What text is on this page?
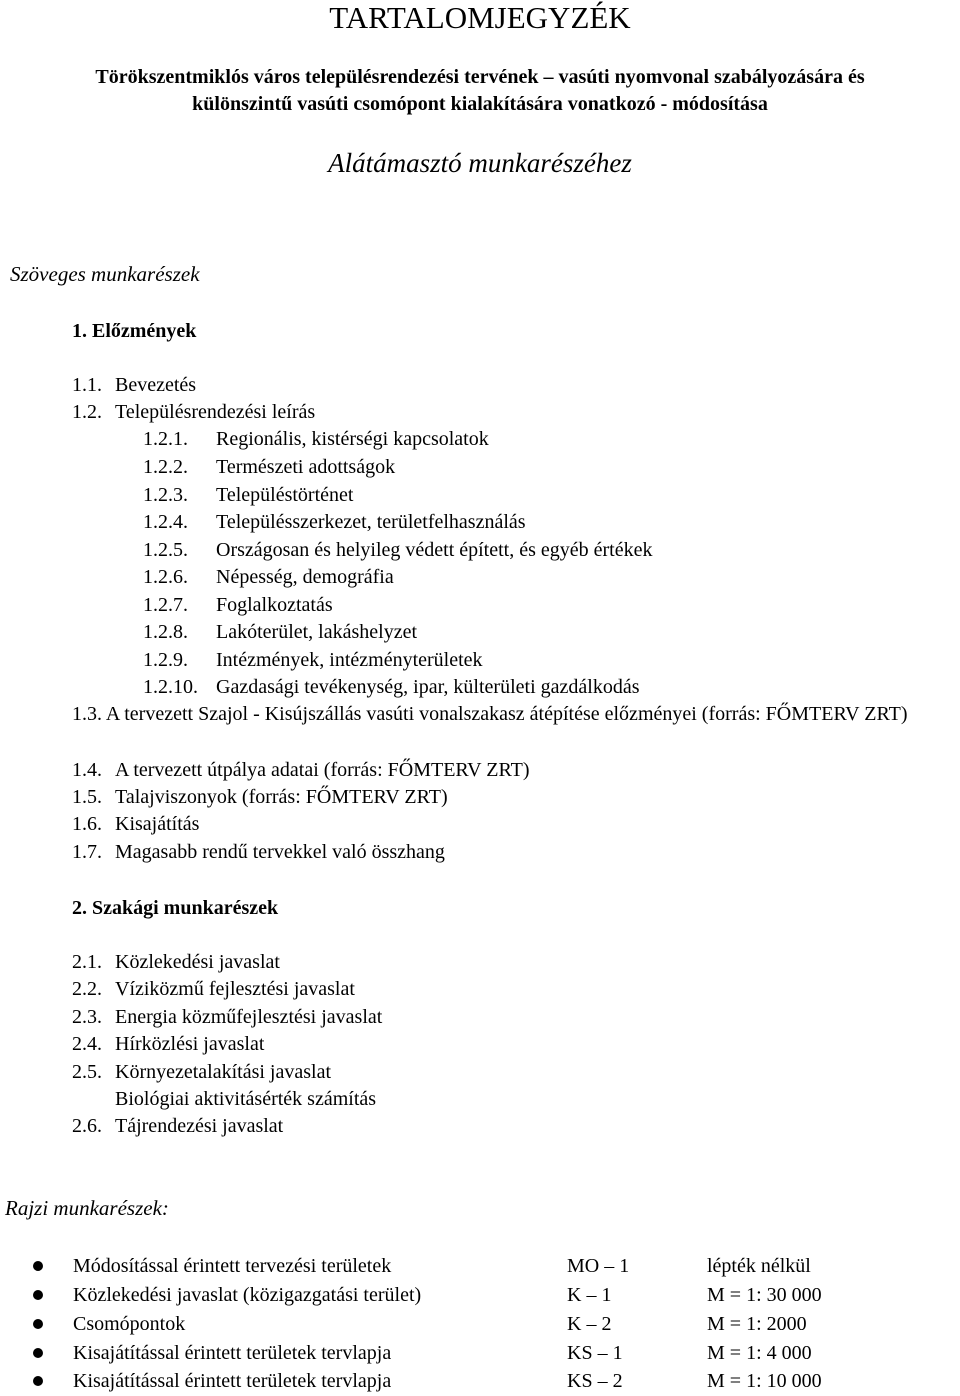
TARTALOMJEGYZÉK
Törökszentmiklós város településrendezési tervének – vasúti nyomvonal szabályozására és
különszintű vasúti csomópont kialakítására vonatkozó - módosítása
Alátámasztó munkarészéhez
Szöveges munkarészek
1. Előzmények
1.1. Bevezetés
1.2. Településrendezési leírás
1.2.1. Regionális, kistérségi kapcsolatok
1.2.2. Természeti adottságok
1.2.3. Településtörténet
1.2.4. Településszerkezet, területfelhasználás
1.2.5. Országosan és helyileg védett épített, és egyéb értékek
1.2.6. Népesség, demográfia
1.2.7. Foglalkoztatás
1.2.8. Lakóterület, lakáshelyzet
1.2.9. Intézmények, intézményterületek
1.2.10. Gazdasági tevékenység, ipar, külterületi gazdálkodás
1.3. A tervezett Szajol - Kisújszállás vasúti vonalszakasz átépítése előzményei (forrás: FŐMTERV ZRT)
1.4. A tervezett útpálya adatai (forrás: FŐMTERV ZRT)
1.5. Talajviszonyok (forrás: FŐMTERV ZRT)
1.6. Kisajátítás
1.7. Magasabb rendű tervekkel való összhang
2. Szakági munkarészek
2.1. Közlekedési javaslat
2.2. Víziközmű fejlesztési javaslat
2.3. Energia közműfejlesztési javaslat
2.4. Hírközlési javaslat
2.5. Környezetalakítási javaslat
Biológiai aktivitásérték számítás
2.6. Tájrendezési javaslat
Rajzi munkarészek:
Módosítással érintett tervezési területek	MO – 1	lépték nélkül
Közlekedési javaslat (közigazgatási terület)	K – 1	M = 1: 30 000
Csomópontok	K – 2	M = 1: 2000
Kisajátítással érintett területek tervlapja	KS – 1	M = 1: 4 000
Kisajátítással érintett területek tervlapja	KS – 2	M = 1: 10 000
